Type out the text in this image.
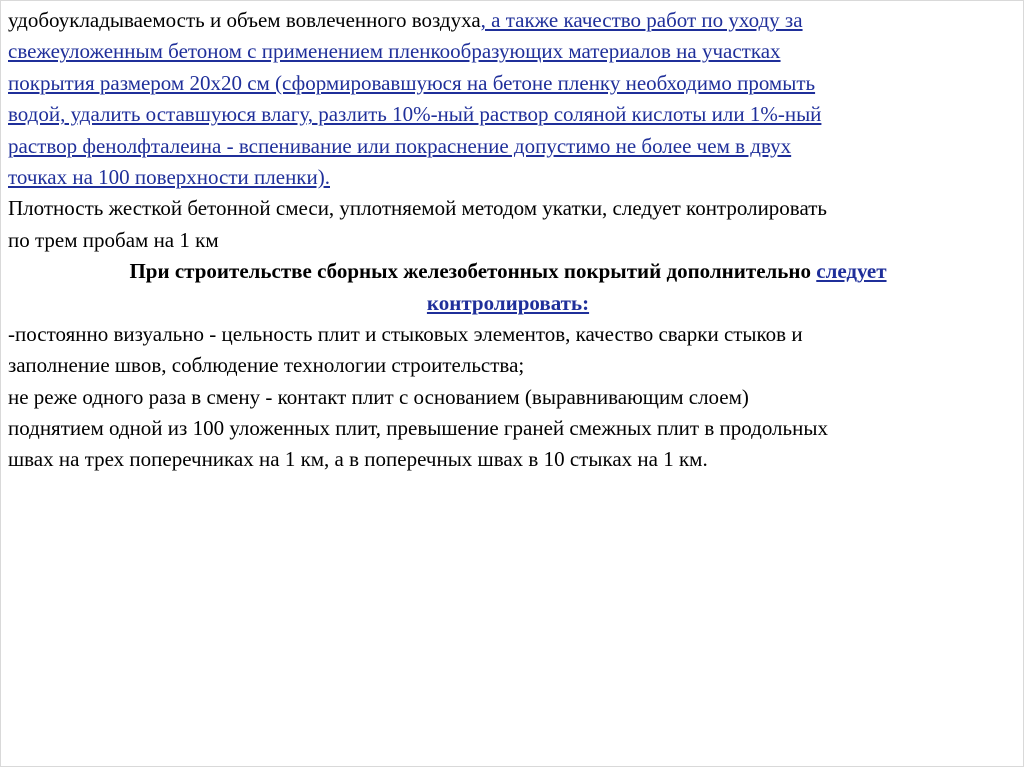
удобоукладываемость и объем вовлеченного воздуха, а также качество работ по уходу за
свежеуложенным бетоном с применением пленкообразующих материалов на участках
покрытия размером 20x20 см (сформировавшуюся на бетоне пленку необходимо промыть
водой, удалить оставшуюся влагу, разлить 10%-ный раствор соляной кислоты или 1%-ный
раствор фенолфталеина - вспенивание или покраснение допустимо не более чем в двух
точках на 100 поверхности пленки).
Плотность жесткой бетонной смеси, уплотняемой методом укатки, следует контролировать
по трем пробам на 1 км
При строительстве сборных железобетонных покрытий дополнительно следует
контролировать:
-постоянно визуально - цельность плит и стыковых элементов, качество сварки стыков и
заполнение швов, соблюдение технологии строительства;
не реже одного раза в смену - контакт плит с основанием (выравнивающим слоем)
поднятием одной из 100 уложенных плит, превышение граней смежных плит в продольных
швах на трех поперечниках на 1 км, а в поперечных швах в 10 стыках на 1 км.
